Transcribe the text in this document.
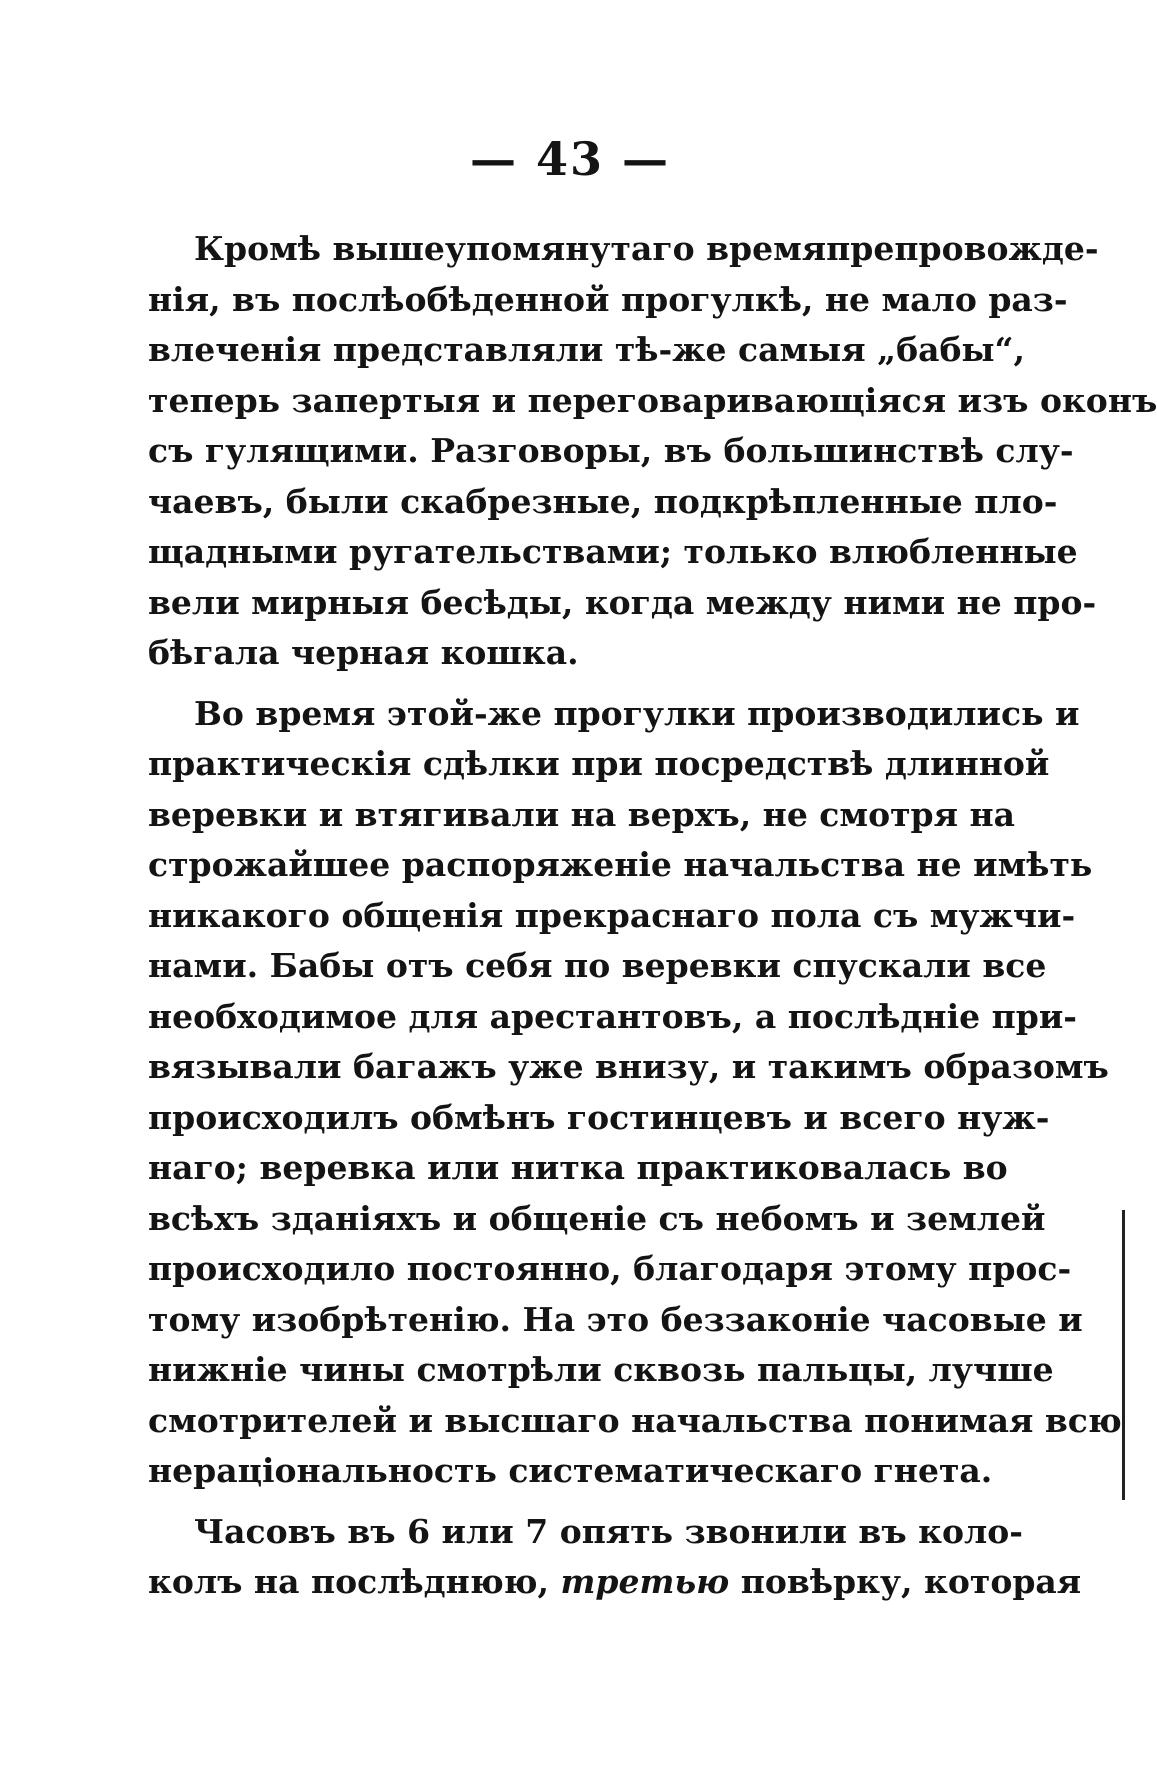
— 43 —
Кромѣ вышеупомянутаго времяпрепровожде-
нія, въ послѣобѣденной прогулкѣ, не мало раз-
влеченія представляли тѣ-же самыя „бабы“,
теперь запертыя и переговаривающіяся изъ оконъ
съ гулящими. Разговоры, въ большинствѣ слу-
чаевъ, были скабрезные, подкрѣпленные пло-
щадными ругательствами; только влюбленные
вели мирныя бесѣды, когда между ними не про-
бѣгала черная кошка.
Во время этой-же прогулки производились и
практическія сдѣлки при посредствѣ длинной
веревки и втягивали на верхъ, не смотря на
строжайшее распоряженіе начальства не имѣть
никакого общенія прекраснаго пола съ мужчи-
нами. Бабы отъ себя по веревки спускали все
необходимое для арестантовъ, а послѣдніе при-
вязывали багажъ уже внизу, и такимъ образомъ
происходилъ обмѣнъ гостинцевъ и всего нуж-
наго; веревка или нитка практиковалась во
всѣхъ зданіяхъ и общеніе съ небомъ и землей
происходило постоянно, благодаря этому прос-
тому изобрѣтенію. На это беззаконіе часовые и
нижніе чины смотрѣли сквозь пальцы, лучше
смотрителей и высшаго начальства понимая всю
нераціональность систематическаго гнета.
Часовъ въ 6 или 7 опять звонили въ коло-
колъ на послѣднюю, третью повѣрку, которая
